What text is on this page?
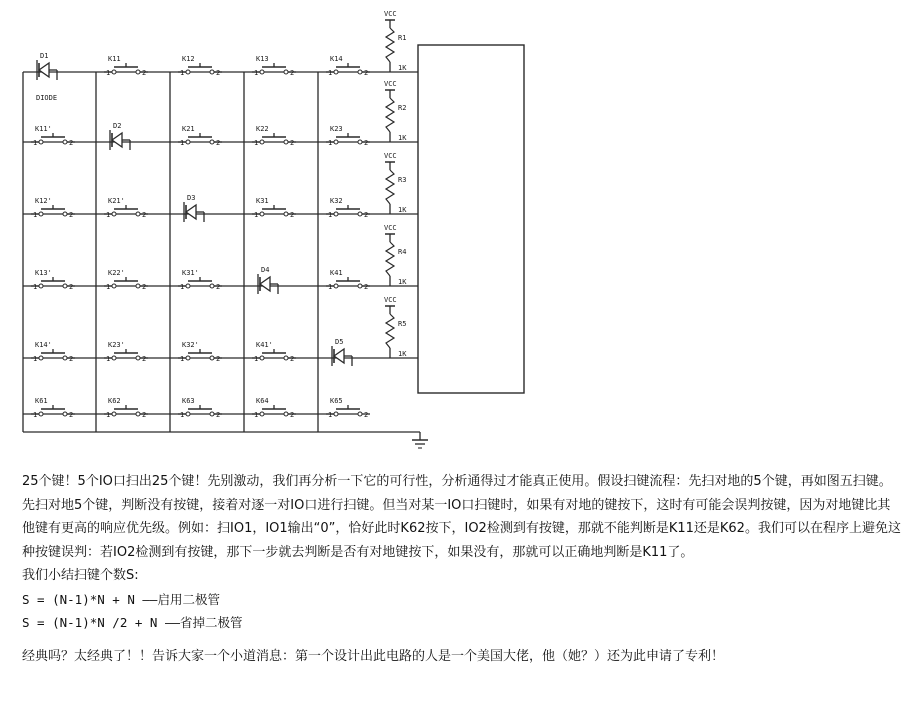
VCC
R1
1K
VCC
R2
1K
VCC
R3
1K
VCC
R4
1K
VCC
R5
1K
K11
1	2
K12
1	2
K13
1	2
K14
1	2
K11'
1	2
K21
1	2
K22
1	2
K23
1	2
K12'
1	2
K21'
1	2
K31
1	2
K32
1	2
K13'
1	2
K22'
1	2
K31'
1	2
K41
1	2
K14'
1	2
K23'
1	2
K32'
1	2
K41'
1	2
K61
1	2
K62
1	2
K63
1	2
K64
1	2
K65
1	2
D1
D2
D3
D4
D5
DIODE

25个键！5个IO口扫出25个键！先别激动，我们再分析一下它的可行性，分析通得过才能真正使用。假设扫键流程：先扫对地的5个键，再如图五扫键。先扫对地5个键，判断没有按键，接着对逐一对IO口进行扫键。但当对某一IO口扫键时，如果有对地的键按下，这时有可能会误判按键，因为对地键比其他键有更高的响应优先级。例如：扫IO1，IO1输出“0”，恰好此时K62按下，IO2检测到有按键，那就不能判断是K11还是K62。我们可以在程序上避免这种按键误判：若IO2检测到有按键，那下一步就去判断是否有对地键按下，如果没有，那就可以正确地判断是K11了。

我们小结扫键个数S:

S = (N-1)*N + N ——启用二极管

S = (N-1)*N /2 + N ——省掉二极管

经典吗？太经典了！！告诉大家一个小道消息：第一个设计出此电路的人是一个美国大佬，他（她？）还为此申请了专利！
